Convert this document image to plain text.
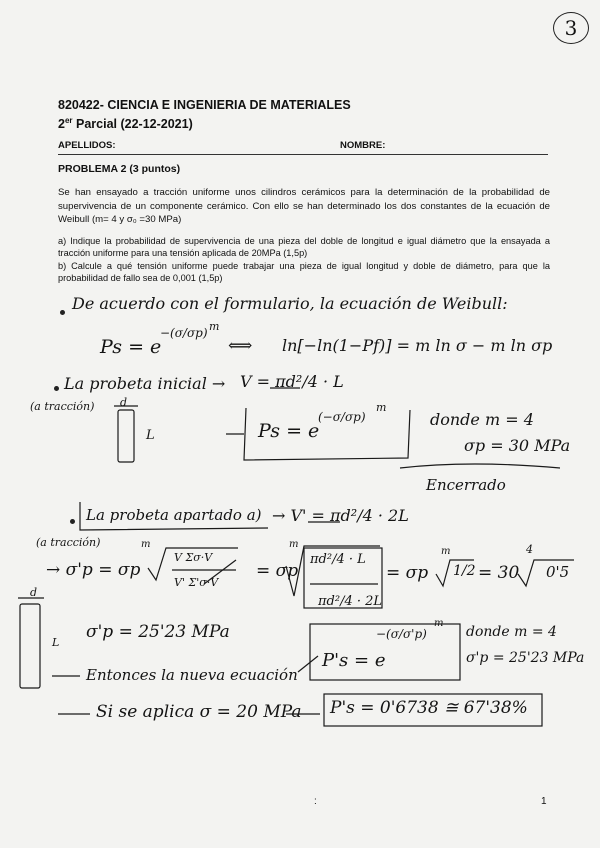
3
820422- CIENCIA E INGENIERIA DE MATERIALES
2er Parcial (22-12-2021)
APELLIDOS:	NOMBRE:
PROBLEMA 2 (3 puntos)
Se han ensayado a tracción uniforme unos cilindros cerámicos para la determinación de la probabilidad de supervivencia de un componente cerámico. Con ello se han determinado los dos constantes de la ecuación de Weibull (m= 4 y σ₀ =30 MPa)
a) Indique la probabilidad de supervivencia de una pieza del doble de longitud e igual diámetro que la ensayada a tracción uniforme para una tensión aplicada de 20MPa (1,5p)
b) Calcule a qué tensión uniforme puede trabajar una pieza de igual longitud y doble de diámetro, para que la probabilidad de fallo sea de 0,001 (1,5p)
De acuerdo con el formulario, la ecuación de Weibull:
Ps = e
−(σ/σp) m
⟺ ln[−ln(1−Pf)] = m ln σ − m ln σp
La probeta inicial → V = πd²/4 · L
(a tracción) d
L	Ps = e
(−σ/σp)
m
donde m = 4
σp = 30 MPa
Encerrado
La probeta apartado a) → V' = πd²/4 · 2L
(a tracción)
→ σ'p = σp
m
V Σσ·V
V' Σ'σ·V
= σp
m
πd²/4 · L
πd²/4 · 2L
= σp
m
1/2 = 30
4
0'5
d
L
σ'p = 25'23 MPa
Entonces la nueva ecuación
P's = e
−(σ/σ'p)
m
donde m = 4
σ'p = 25'23 MPa
Si se aplica σ = 20 MPa P's = 0'6738 ≅ 67'38%
:	1
